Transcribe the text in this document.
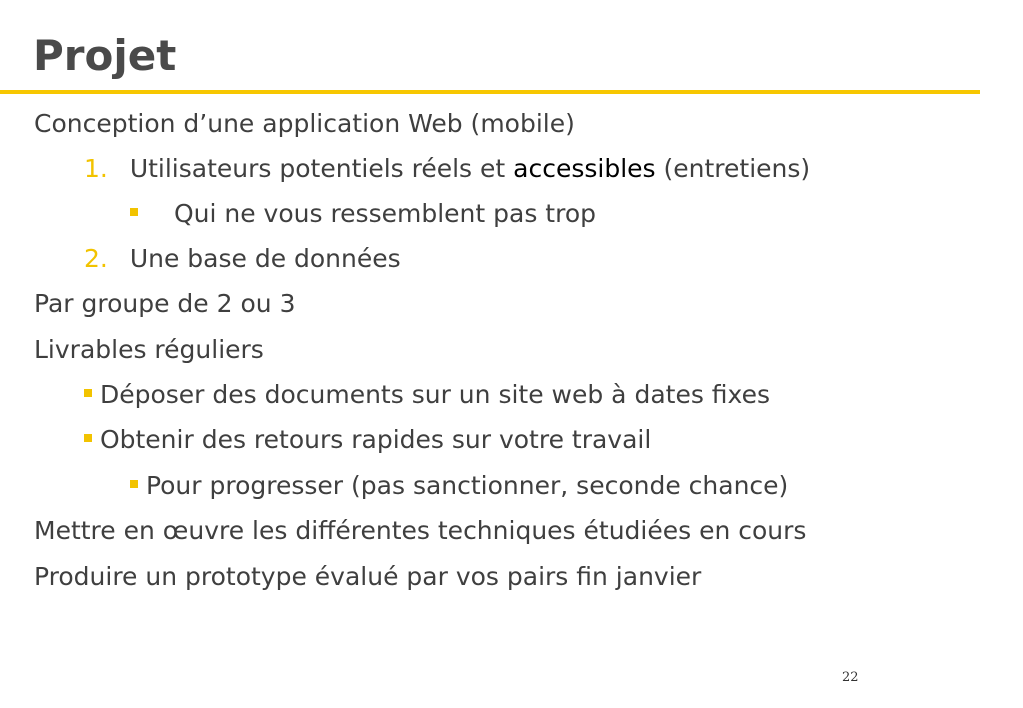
Projet
Conception d’une application Web (mobile)
1. Utilisateurs potentiels réels et accessibles (entretiens)
Qui ne vous ressemblent pas trop
2. Une base de données
Par groupe de 2 ou 3
Livrables réguliers
Déposer des documents sur un site web à dates fixes
Obtenir des retours rapides sur votre travail
Pour progresser (pas sanctionner, seconde chance)
Mettre en œuvre les différentes techniques étudiées en cours
Produire un prototype évalué par vos pairs fin janvier
22
